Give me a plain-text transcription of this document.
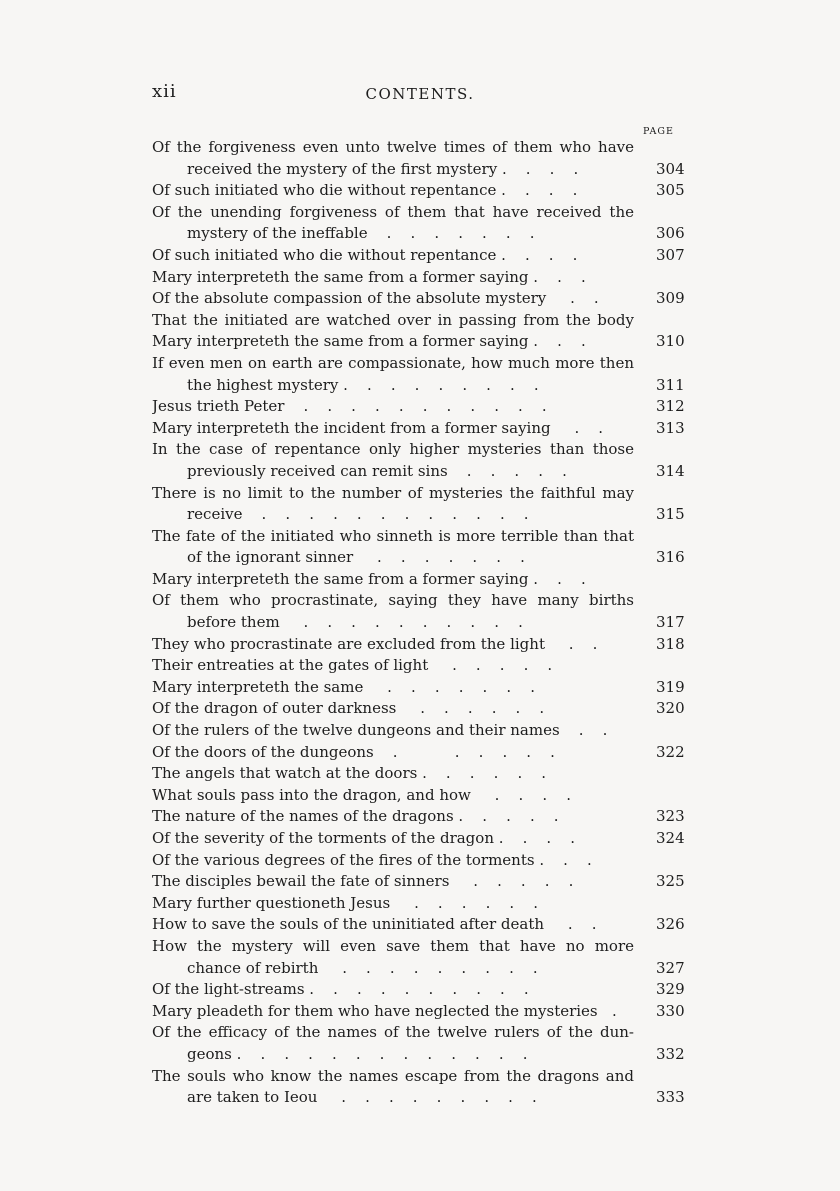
xii	CONTENTS.
PAGE
Of the forgiveness even unto twelve times of them who have
received the mystery of the first mystery .    .    .    .	304
Of such initiated who die without repentance .    .    .    .	305
Of the unending forgiveness of them that have received the
mystery of the ineffable    .    .    .    .    .    .    .	306
Of such initiated who die without repentance .    .    .    .	307
Mary interpreteth the same from a former saying .    .    .
Of the absolute compassion of the absolute mystery     .    .	309
That the initiated are watched over in passing from the body
Mary interpreteth the same from a former saying .    .    .	310
If even men on earth are compassionate, how much more then
the highest mystery .    .    .    .    .    .    .    .    .	311
Jesus trieth Peter    .    .    .    .    .    .    .    .    .    .    .	312
Mary interpreteth the incident from a former saying     .    .	313
In the case of repentance only higher mysteries than those
previously received can remit sins    .    .    .    .    .	314
There is no limit to the number of mysteries the faithful may
receive    .    .    .    .    .    .    .    .    .    .    .    .	315
The fate of the initiated who sinneth is more terrible than that
of the ignorant sinner     .    .    .    .    .    .    .	316
Mary interpreteth the same from a former saying .    .    .
Of them who procrastinate, saying they have many births
before them     .    .    .    .    .    .    .    .    .    .	317
They who procrastinate are excluded from the light     .    .	318
Their entreaties at the gates of light     .    .    .    .    .
Mary interpreteth the same     .    .    .    .    .    .    .	319
Of the dragon of outer darkness     .    .    .    .    .    .	320
Of the rulers of the twelve dungeons and their names    .    .
Of the doors of the dungeons    .            .    .    .    .    .	322
The angels that watch at the doors .    .    .    .    .    .
What souls pass into the dragon, and how     .    .    .    .
The nature of the names of the dragons .    .    .    .    .	323
Of the severity of the torments of the dragon .    .    .    .	324
Of the various degrees of the fires of the torments .    .    .
The disciples bewail the fate of sinners     .    .    .    .    .	325
Mary further questioneth Jesus     .    .    .    .    .    .
How to save the souls of the uninitiated after death     .    .	326
How the mystery will even save them that have no more
chance of rebirth     .    .    .    .    .    .    .    .    .	327
Of the light-streams .    .    .    .    .    .    .    .    .    .	329
Mary pleadeth for them who have neglected the mysteries   .	330
Of the efficacy of the names of the twelve rulers of the dun-
geons .    .    .    .    .    .    .    .    .    .    .    .    .	332
The souls who know the names escape from the dragons and
are taken to Ieou     .    .    .    .    .    .    .    .    .	333
